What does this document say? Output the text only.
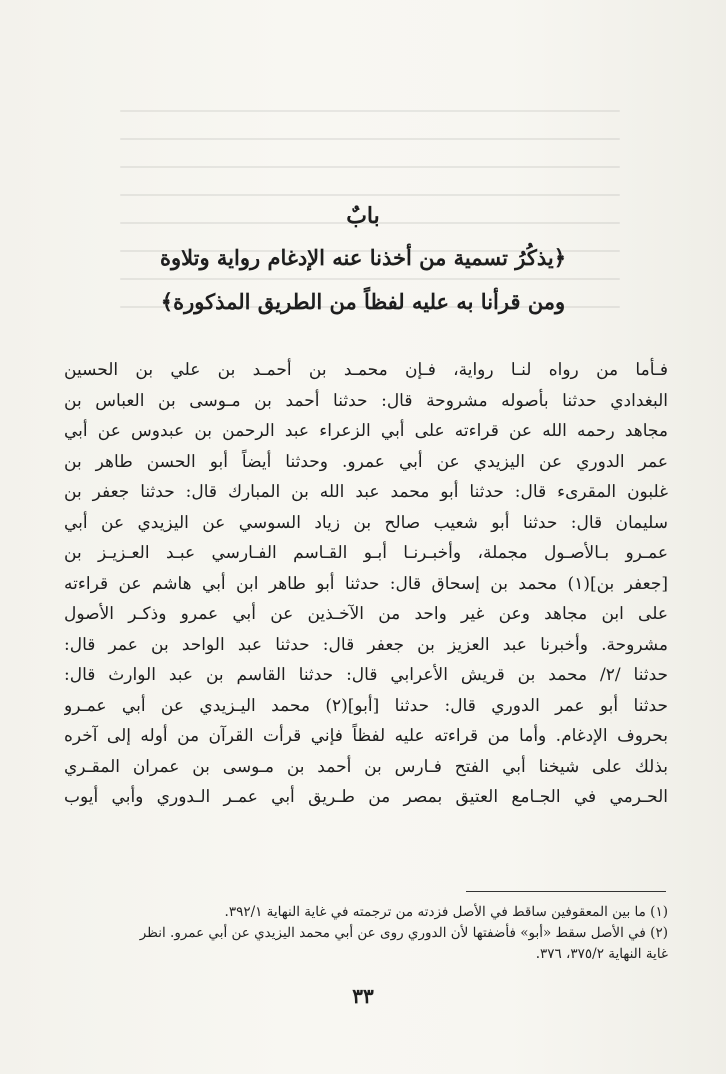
بابٌ
﴿يذكُرُ تسمية من أخذنا عنه الإدغام رواية وتلاوة
ومن قرأنا به عليه لفظاً من الطريق المذكورة﴾
فـأما من رواه لنـا رواية، فـإن محمـد بن أحمـد بن علي بن الحسين
البغدادي حدثنا بأصوله مشروحة قال: حدثنا أحمد بن مـوسى بن العباس بن
مجاهد رحمه الله عن قراءته على أبي الزعراء عبد الرحمن بن عبدوس عن أبي
عمر الدوري عن اليزيدي عن أبي عمرو. وحدثنا أيضاً أبو الحسن طاهر بن
غلبون المقرىء قال: حدثنا أبو محمد عبد الله بن المبارك قال: حدثنا جعفر بن
سليمان قال: حدثنا أبو شعيب صالح بن زياد السوسي عن اليزيدي عن أبي
عمـرو بـالأصـول مجملة، وأخبـرنـا أبـو القـاسم الفـارسي عبـد العـزيـز بن
[جعفر بن](١) محمد بن إسحاق قال: حدثنا أبو طاهر ابن أبي هاشم عن قراءته
على ابن مجاهد وعن غير واحد من الآخـذين عن أبي عمرو وذكـر الأصول
مشروحة. وأخبرنا عبد العزيز بن جعفر قال: حدثنا عبد الواحد بن عمر قال:
حدثنا /٢/ محمد بن قريش الأعرابي قال: حدثنا القاسم بن عبد الوارث قال:
حدثنا أبو عمر الدوري قال: حدثنا [أبو](٢) محمد اليـزيدي عن أبي عمـرو
بحروف الإدغام. وأما من قراءته عليه لفظاً فإني قرأت القرآن من أوله إلى آخره
بذلك على شيخنا أبي الفتح فـارس بن أحمد بن مـوسى بن عمران المقـري
الحـرمي في الجـامع العتيق بمصر من طـريق أبي عمـر الـدوري وأبي أيوب
(١) ما بين المعقوفين ساقط في الأصل فزدته من ترجمته في غاية النهاية ٣٩٢/١.
(٢) في الأصل سقط «أبو» فأضفتها لأن الدوري روى عن أبي محمد اليزيدي عن أبي عمرو. انظر
غاية النهاية ٣٧٥/٢، ٣٧٦.
٣٣
